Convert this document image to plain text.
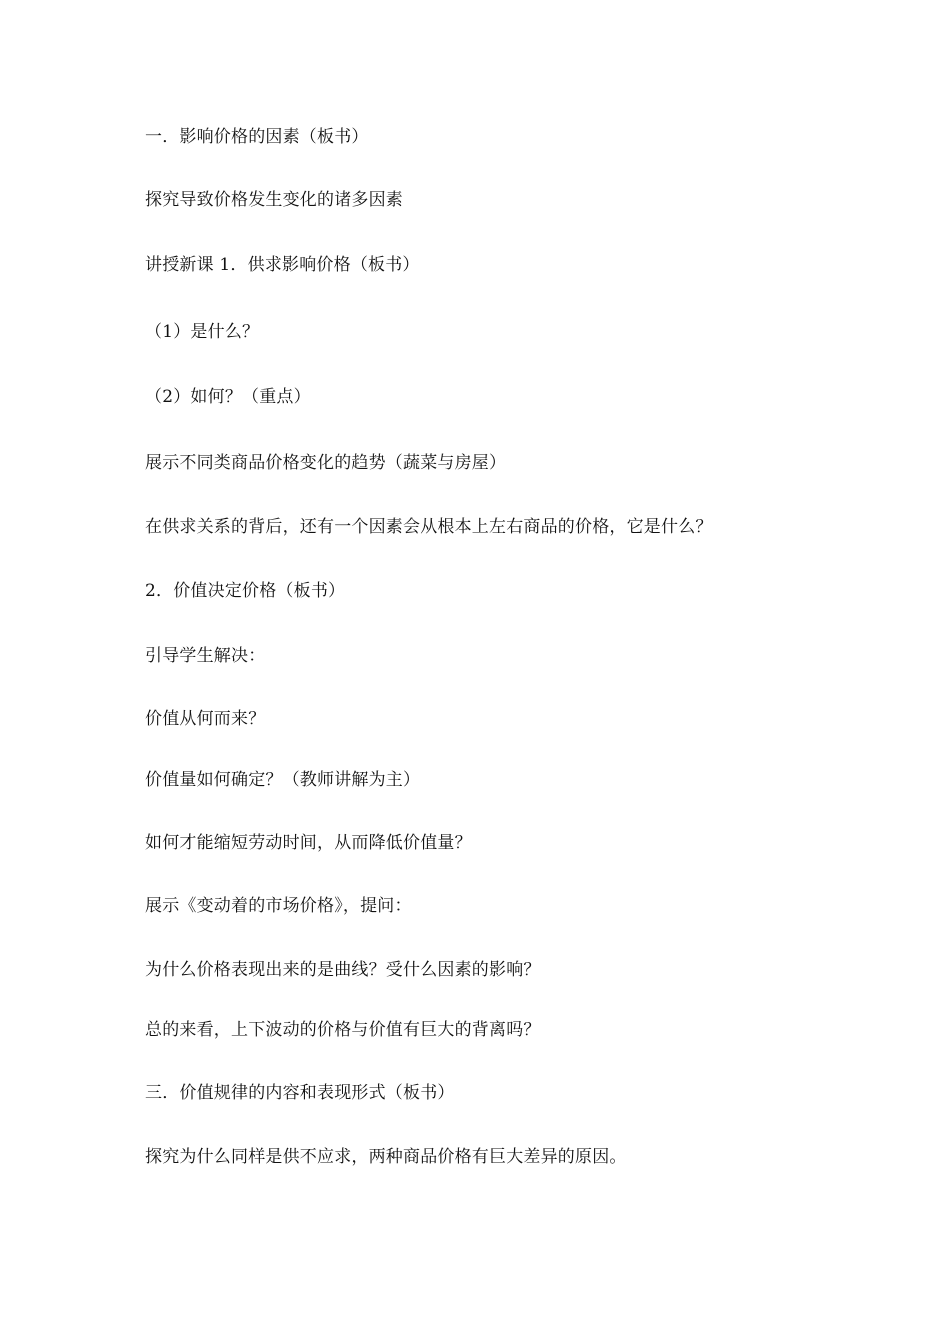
一．影响价格的因素（板书）
探究导致价格发生变化的诸多因素
讲授新课 1．供求影响价格（板书）
（1）是什么？
（2）如何？（重点）
展示不同类商品价格变化的趋势（蔬菜与房屋）
在供求关系的背后，还有一个因素会从根本上左右商品的价格，它是什么？
2．价值决定价格（板书）
引导学生解决：
价值从何而来？
价值量如何确定？（教师讲解为主）
如何才能缩短劳动时间，从而降低价值量？
展示《变动着的市场价格》，提问：
为什么价格表现出来的是曲线？受什么因素的影响？
总的来看，上下波动的价格与价值有巨大的背离吗？
三．价值规律的内容和表现形式（板书）
探究为什么同样是供不应求，两种商品价格有巨大差异的原因。
